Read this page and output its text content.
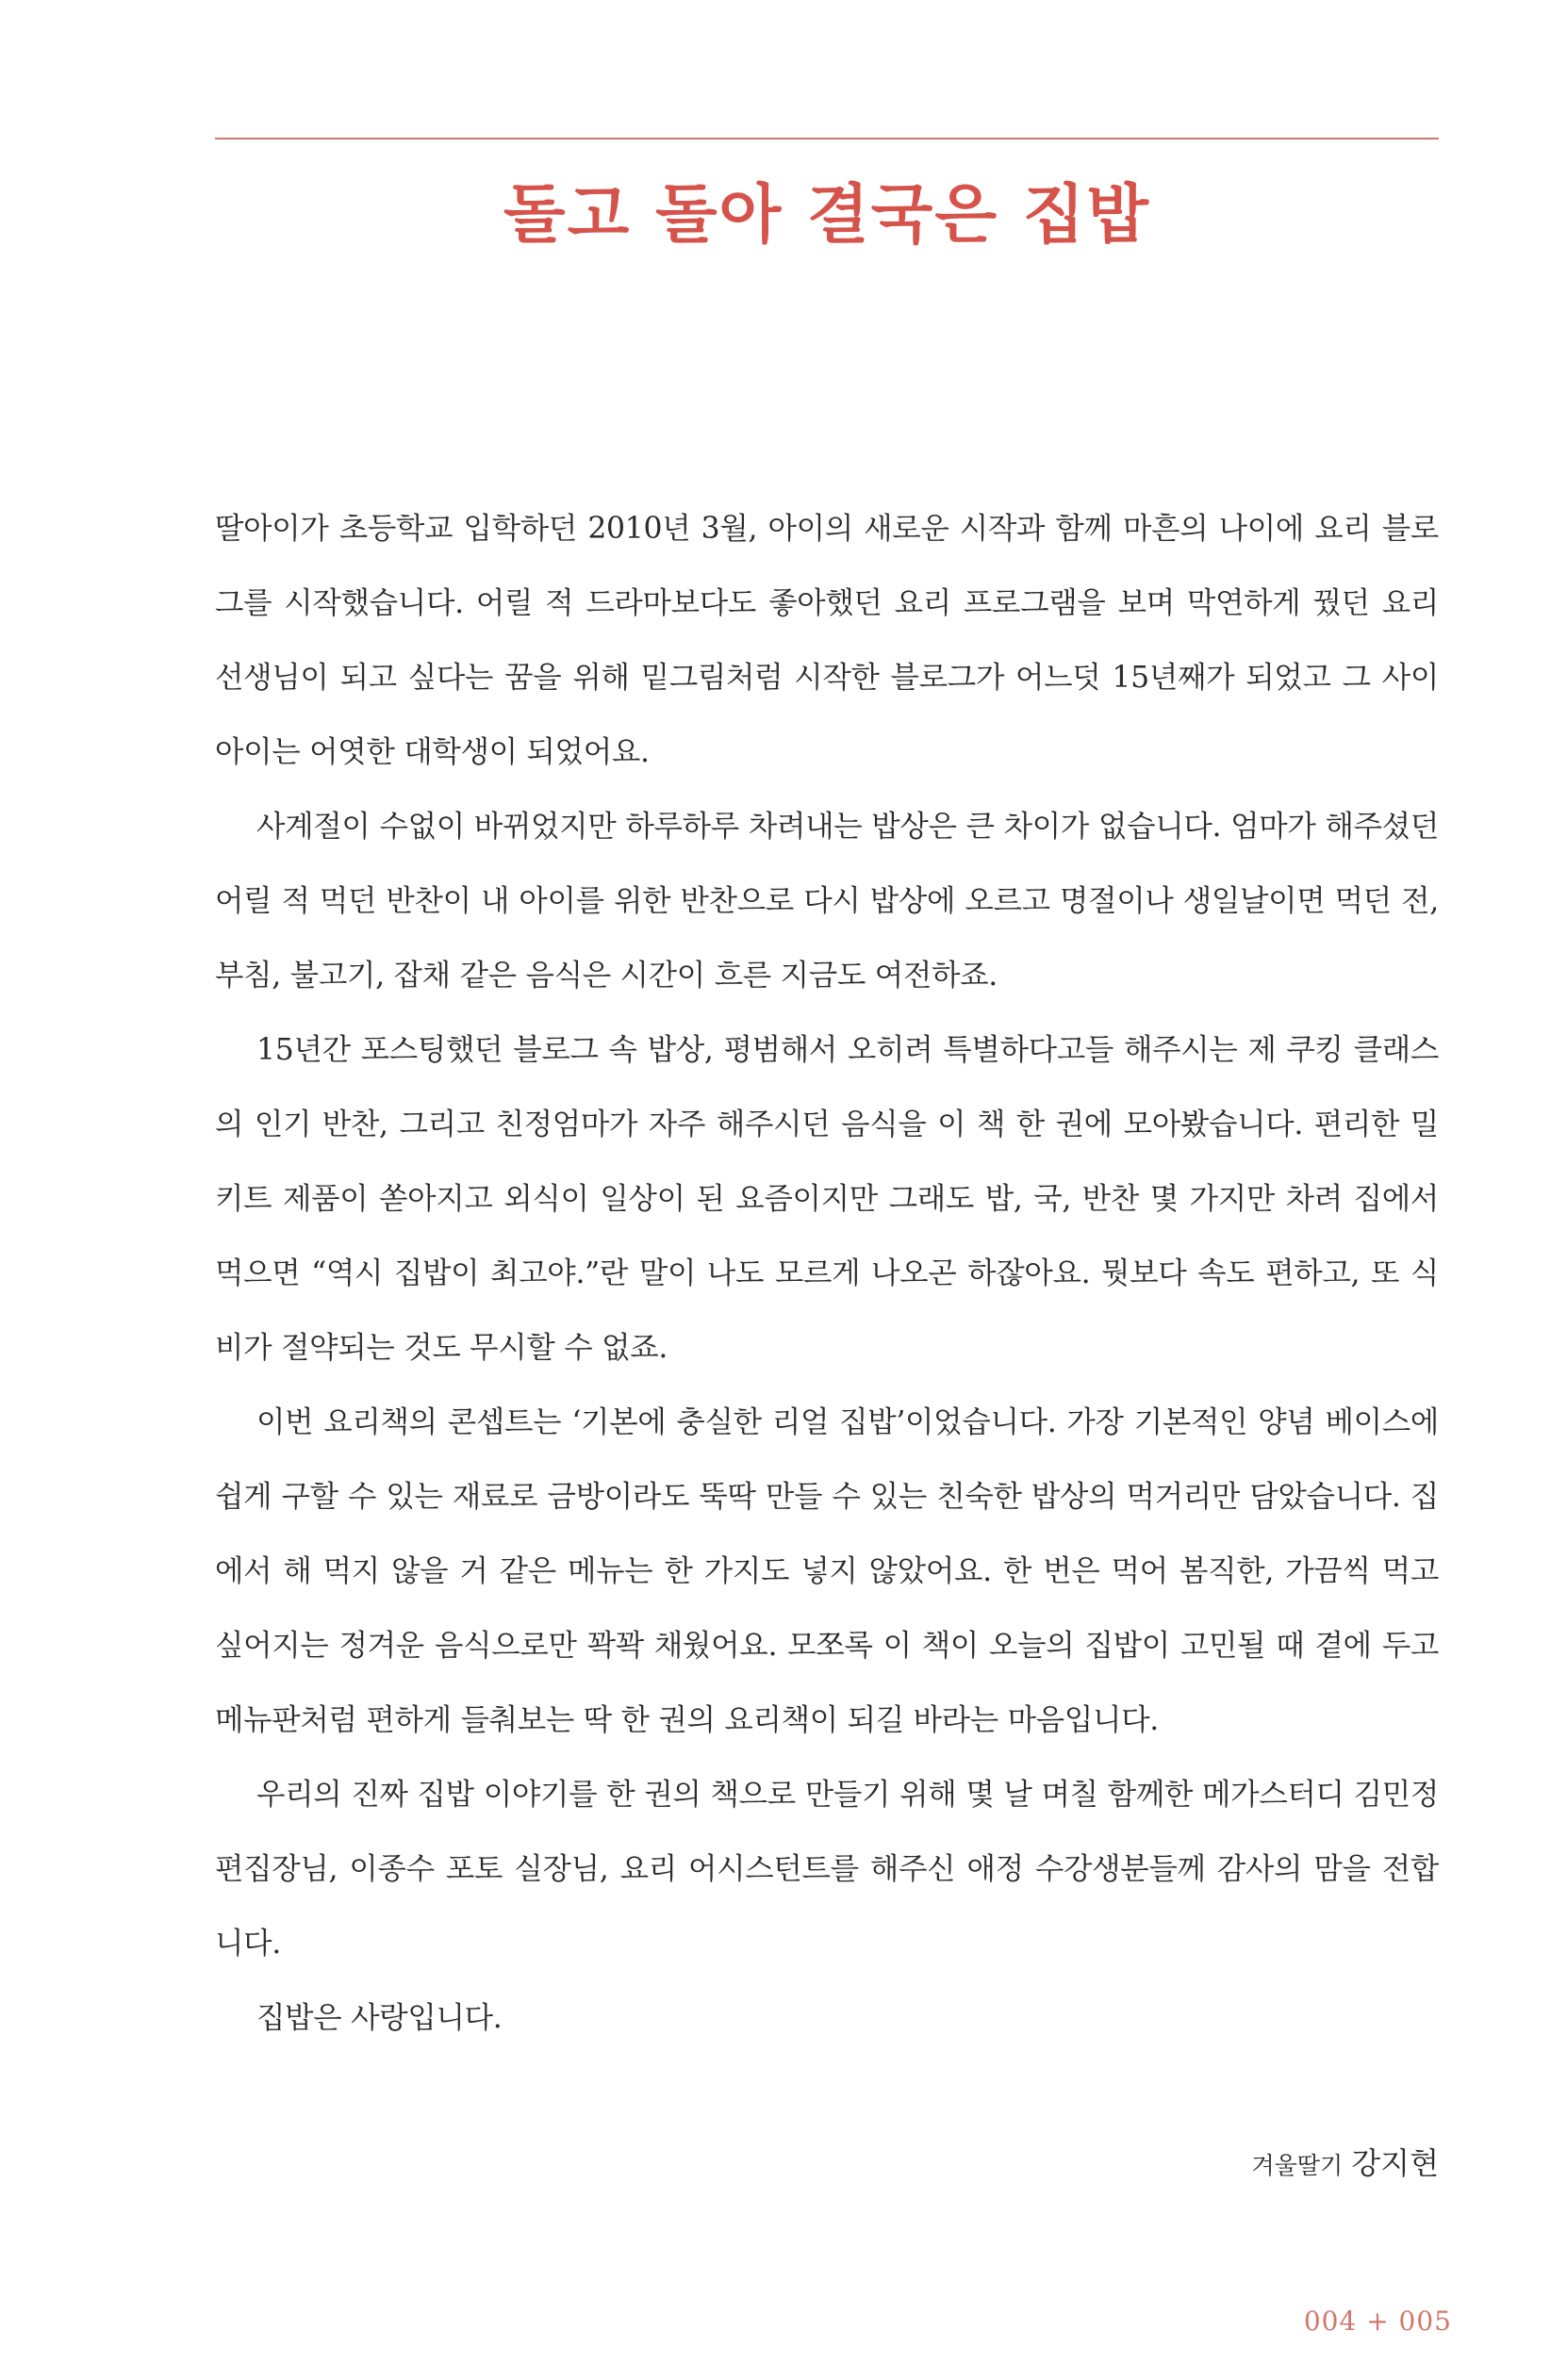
돌고 돌아 결국은 집밥

딸아이가 초등학교 입학하던 2010년 3월, 아이의 새로운 시작과 함께 마흔의 나이에 요리 블로그를 시작했습니다. 어릴 적 드라마보다도 좋아했던 요리 프로그램을 보며 막연하게 꿨던 요리 선생님이 되고 싶다는 꿈을 위해 밑그림처럼 시작한 블로그가 어느덧 15년째가 되었고 그 사이 아이는 어엿한 대학생이 되었어요.

사계절이 수없이 바뀌었지만 하루하루 차려내는 밥상은 큰 차이가 없습니다. 엄마가 해주셨던 어릴 적 먹던 반찬이 내 아이를 위한 반찬으로 다시 밥상에 오르고 명절이나 생일날이면 먹던 전, 부침, 불고기, 잡채 같은 음식은 시간이 흐른 지금도 여전하죠.

15년간 포스팅했던 블로그 속 밥상, 평범해서 오히려 특별하다고들 해주시는 제 쿠킹 클래스의 인기 반찬, 그리고 친정엄마가 자주 해주시던 음식을 이 책 한 권에 모아봤습니다. 편리한 밀키트 제품이 쏟아지고 외식이 일상이 된 요즘이지만 그래도 밥, 국, 반찬 몇 가지만 차려 집에서 먹으면 “역시 집밥이 최고야.”란 말이 나도 모르게 나오곤 하잖아요. 뭣보다 속도 편하고, 또 식비가 절약되는 것도 무시할 수 없죠.

이번 요리책의 콘셉트는 ‘기본에 충실한 리얼 집밥’이었습니다. 가장 기본적인 양념 베이스에 쉽게 구할 수 있는 재료로 금방이라도 뚝딱 만들 수 있는 친숙한 밥상의 먹거리만 담았습니다. 집에서 해 먹지 않을 거 같은 메뉴는 한 가지도 넣지 않았어요. 한 번은 먹어 봄직한, 가끔씩 먹고 싶어지는 정겨운 음식으로만 꽉꽉 채웠어요. 모쪼록 이 책이 오늘의 집밥이 고민될 때 곁에 두고 메뉴판처럼 편하게 들춰보는 딱 한 권의 요리책이 되길 바라는 마음입니다.

우리의 진짜 집밥 이야기를 한 권의 책으로 만들기 위해 몇 날 며칠 함께한 메가스터디 김민정 편집장님, 이종수 포토 실장님, 요리 어시스턴트를 해주신 애정 수강생분들께 감사의 맘을 전합니다.

집밥은 사랑입니다.

겨울딸기 강지현
004 + 005
